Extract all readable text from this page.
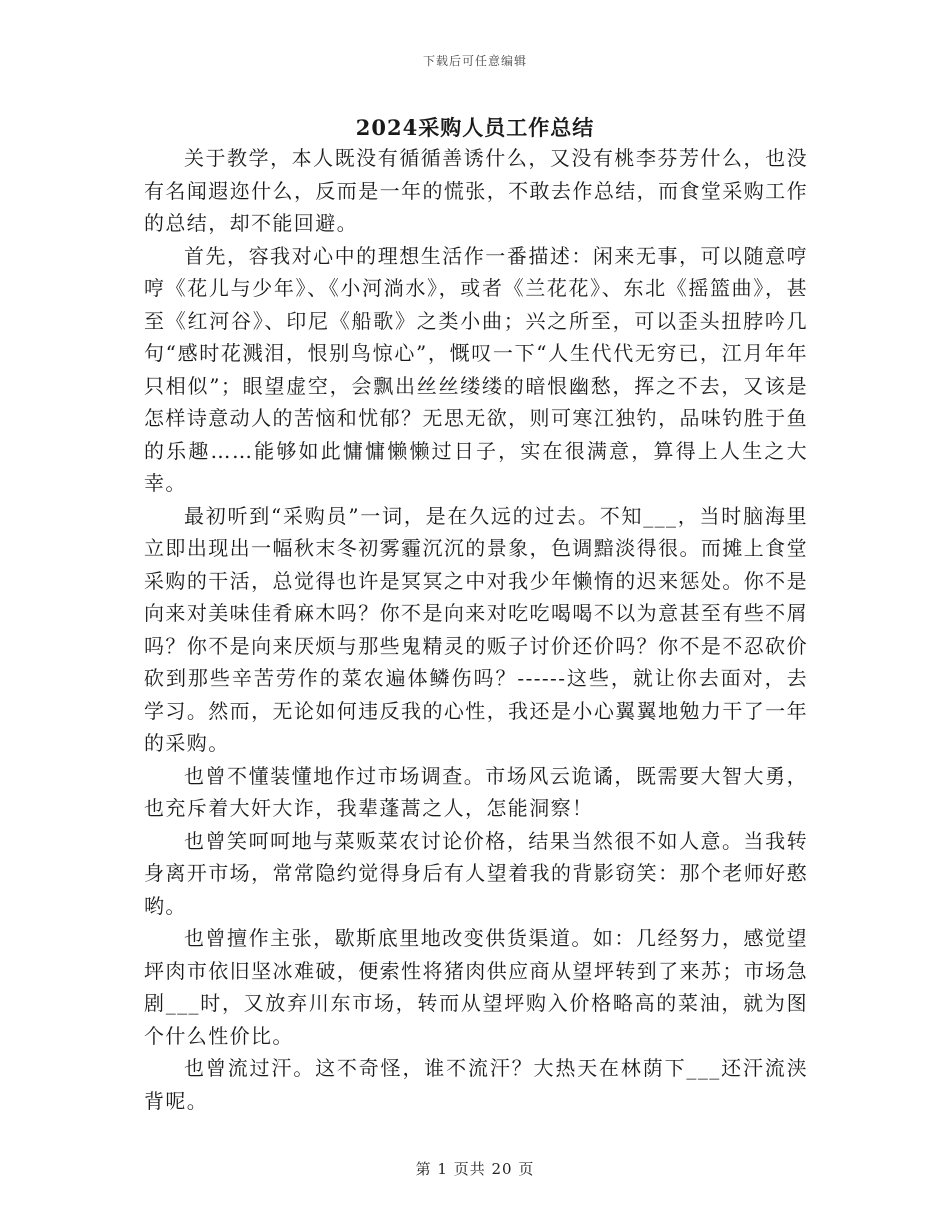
下载后可任意编辑
2024采购人员工作总结

关于教学，本人既没有循循善诱什么，又没有桃李芬芳什么，也没有名闻遐迩什么，反而是一年的慌张，不敢去作总结，而食堂采购工作的总结，却不能回避。

首先，容我对心中的理想生活作一番描述：闲来无事，可以随意哼哼《花儿与少年》、《小河淌水》，或者《兰花花》、东北《摇篮曲》，甚至《红河谷》、印尼《船歌》之类小曲；兴之所至，可以歪头扭脖吟几句“感时花溅泪，恨别鸟惊心”，慨叹一下“人生代代无穷已，江月年年只相似”；眼望虚空，会飘出丝丝缕缕的暗恨幽愁，挥之不去，又该是怎样诗意动人的苦恼和忧郁？无思无欲，则可寒江独钓，品味钓胜于鱼的乐趣……能够如此慵慵懒懒过日子，实在很满意，算得上人生之大幸。

最初听到“采购员”一词，是在久远的过去。不知___，当时脑海里立即出现出一幅秋末冬初雾霾沉沉的景象，色调黯淡得很。而摊上食堂采购的干活，总觉得也许是冥冥之中对我少年懒惰的迟来惩处。你不是向来对美味佳肴麻木吗？你不是向来对吃吃喝喝不以为意甚至有些不屑吗？你不是向来厌烦与那些鬼精灵的贩子讨价还价吗？你不是不忍砍价砍到那些辛苦劳作的菜农遍体鳞伤吗？------这些，就让你去面对，去学习。然而，无论如何违反我的心性，我还是小心翼翼地勉力干了一年的采购。

也曾不懂装懂地作过市场调查。市场风云诡谲，既需要大智大勇，也充斥着大奸大诈，我辈蓬蒿之人，怎能洞察！

也曾笑呵呵地与菜贩菜农讨论价格，结果当然很不如人意。当我转身离开市场，常常隐约觉得身后有人望着我的背影窃笑：那个老师好憨哟。

也曾擅作主张，歇斯底里地改变供货渠道。如：几经努力，感觉望坪肉市依旧坚冰难破，便索性将猪肉供应商从望坪转到了来苏；市场急剧___时，又放弃川东市场，转而从望坪购入价格略高的菜油，就为图个什么性价比。

也曾流过汗。这不奇怪，谁不流汗？大热天在林荫下___还汗流浃背呢。

第 1 页共 20 页
